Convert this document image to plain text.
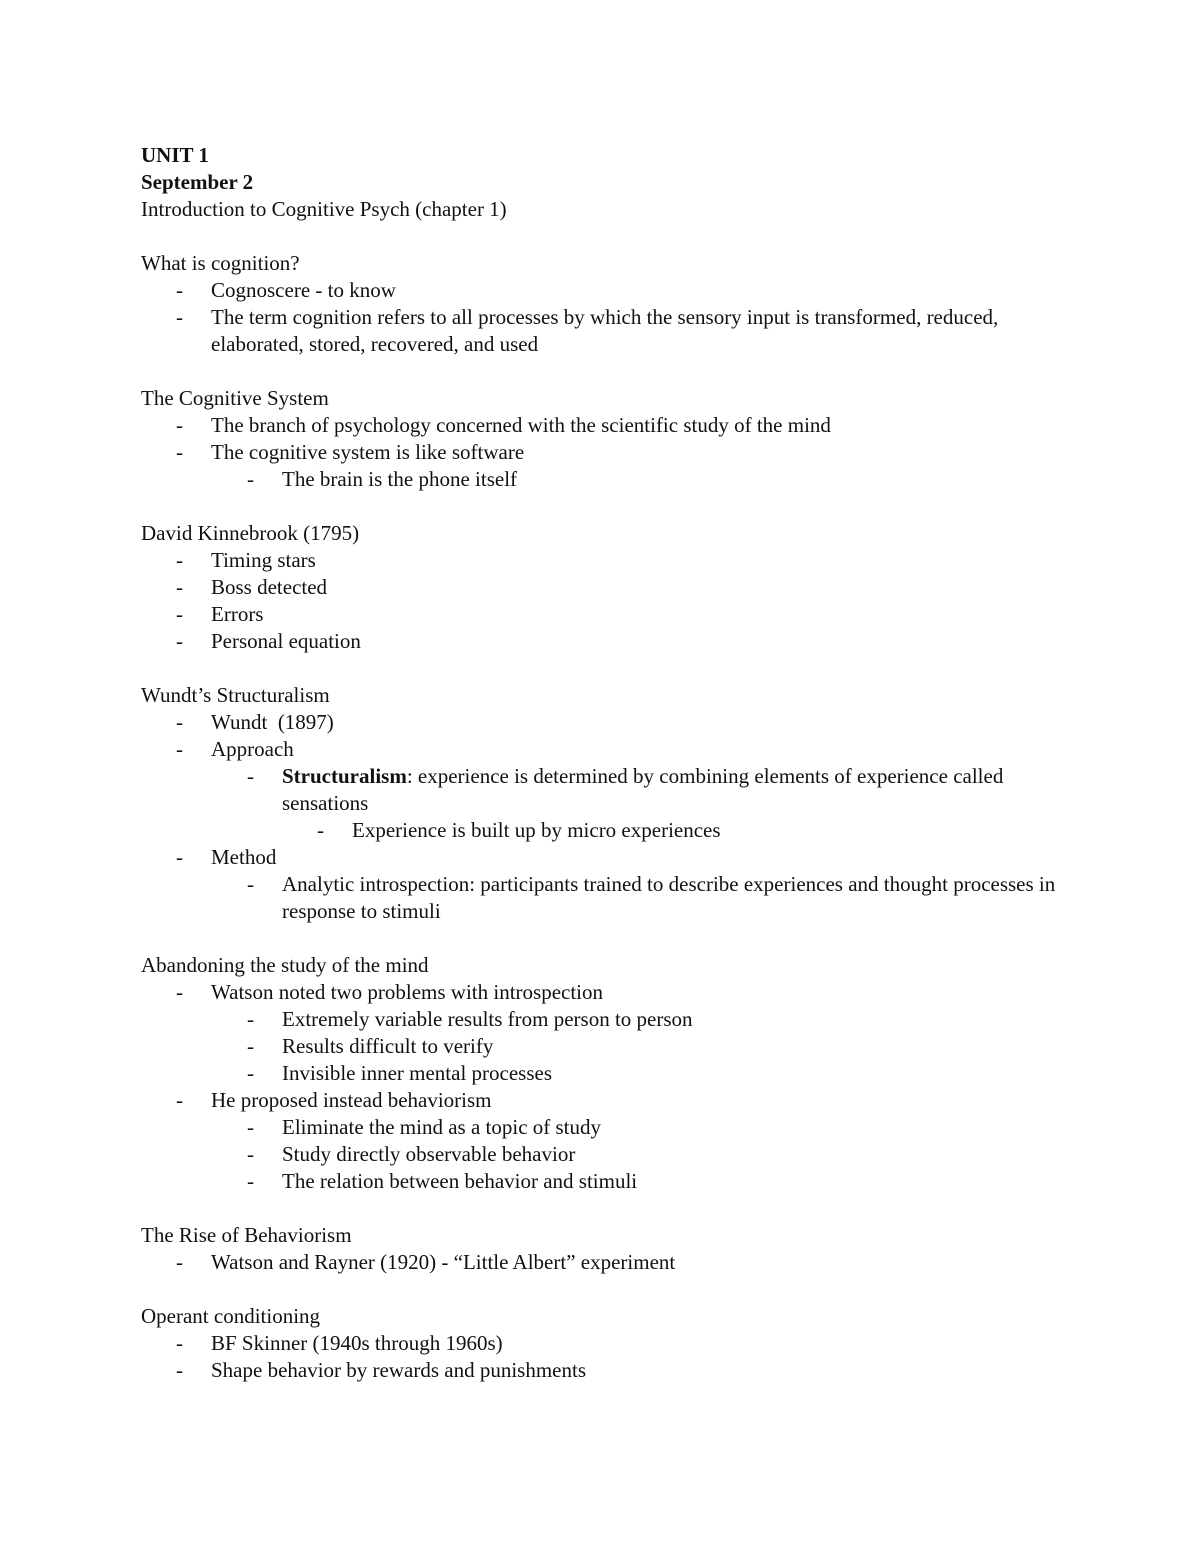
UNIT 1
September 2
Introduction to Cognitive Psych (chapter 1)
What is cognition?
-	Cognoscere - to know
-	The term cognition refers to all processes by which the sensory input is transformed, reduced, elaborated, stored, recovered, and used
The Cognitive System
-	The branch of psychology concerned with the scientific study of the mind
-	The cognitive system is like software
-	The brain is the phone itself
David Kinnebrook (1795)
-	Timing stars
-	Boss detected
-	Errors
-	Personal equation
Wundt’s Structuralism
-	Wundt  (1897)
-	Approach
-	Structuralism: experience is determined by combining elements of experience called sensations
-	Experience is built up by micro experiences
-	Method
-	Analytic introspection: participants trained to describe experiences and thought processes in response to stimuli
Abandoning the study of the mind
-	Watson noted two problems with introspection
-	Extremely variable results from person to person
-	Results difficult to verify
-	Invisible inner mental processes
-	He proposed instead behaviorism
-	Eliminate the mind as a topic of study
-	Study directly observable behavior
-	The relation between behavior and stimuli
The Rise of Behaviorism
-	Watson and Rayner (1920) - “Little Albert” experiment
Operant conditioning
-	BF Skinner (1940s through 1960s)
-	Shape behavior by rewards and punishments
